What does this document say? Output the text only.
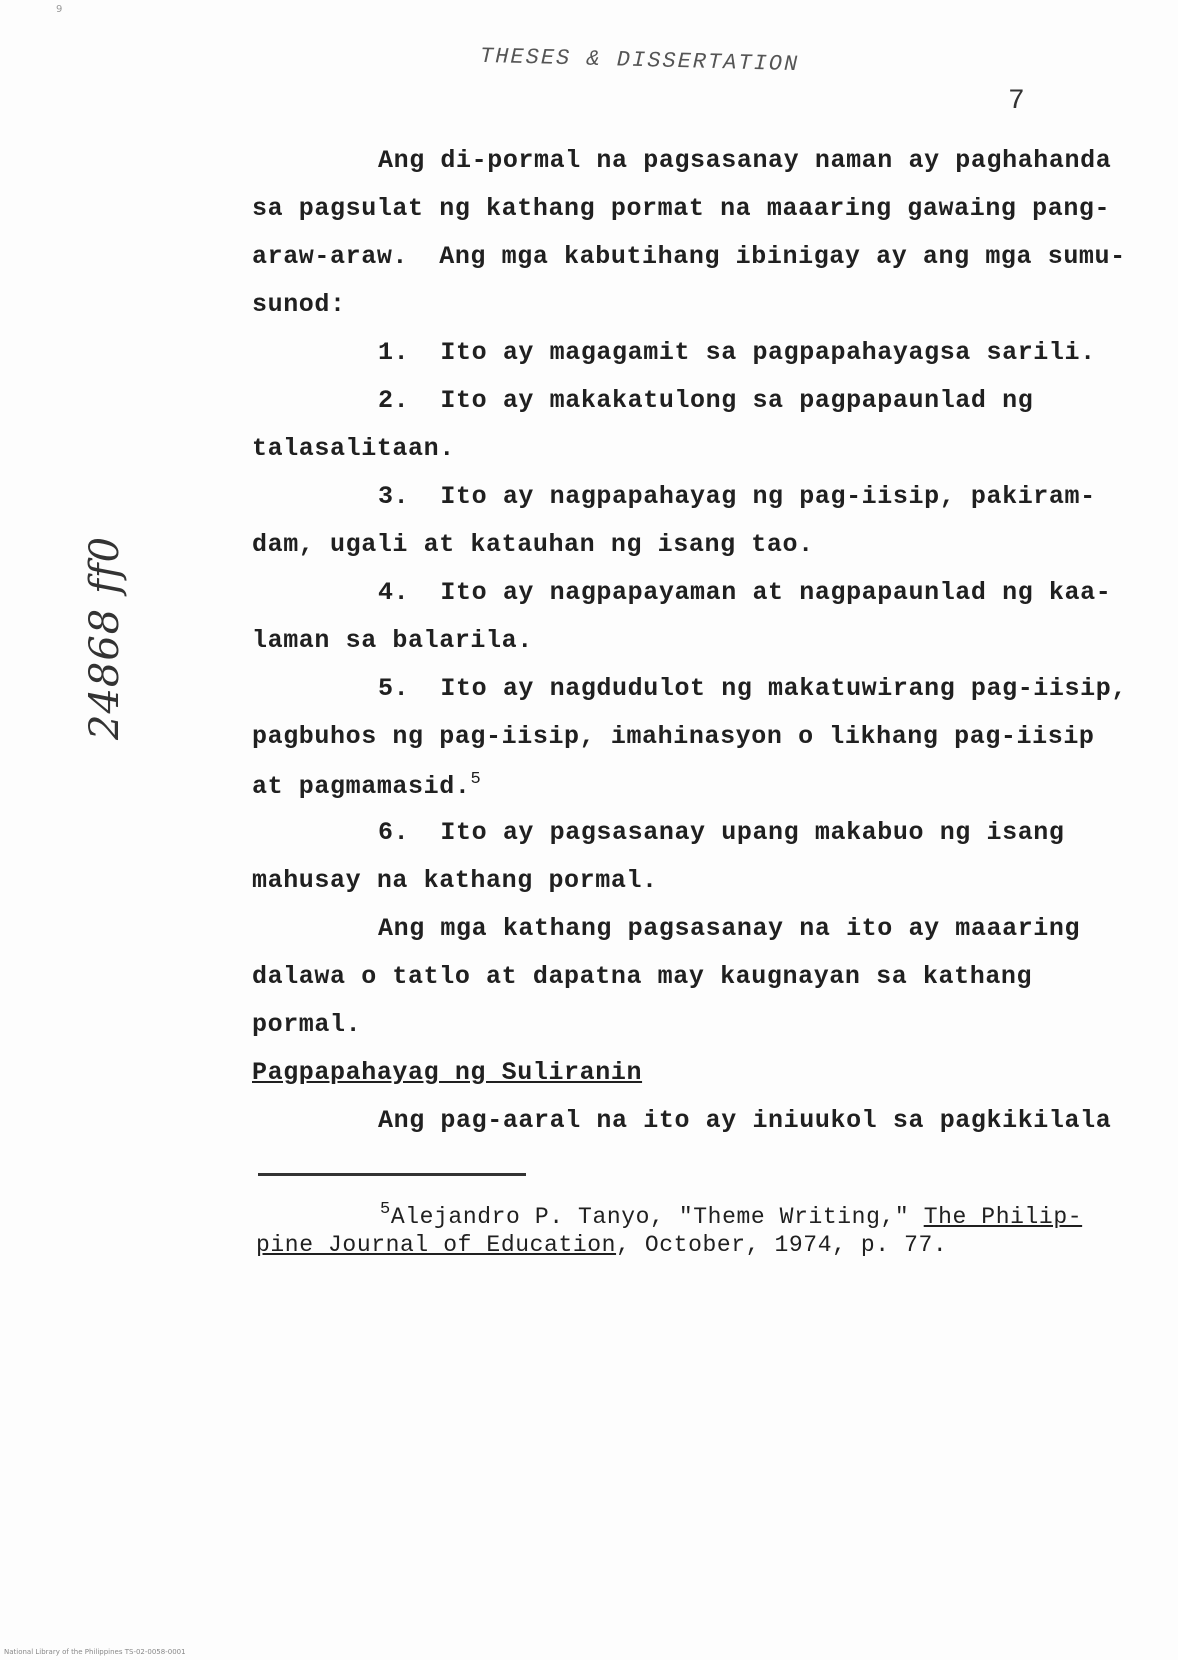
9
THESES & DISSERTATION
7
24868 ff0
Ang di-pormal na pagsasanay naman ay paghahanda
sa pagsulat ng kathang pormat na maaaring gawaing pang-
araw-araw.  Ang mga kabutihang ibinigay ay ang mga sumu-
sunod:
1.  Ito ay magagamit sa pagpapahayagsa sarili.
2.  Ito ay makakatulong sa pagpapaunlad ng
talasalitaan.
3.  Ito ay nagpapahayag ng pag-iisip, pakiram-
dam, ugali at katauhan ng isang tao.
4.  Ito ay nagpapayaman at nagpapaunlad ng kaa-
laman sa balarila.
5.  Ito ay nagdudulot ng makatuwirang pag-iisip,
pagbuhos ng pag-iisip, imahinasyon o likhang pag-iisip
at pagmamasid.$^5$
6.  Ito ay pagsasanay upang makabuo ng isang
mahusay na kathang pormal.
Ang mga kathang pagsasanay na ito ay maaaring
dalawa o tatlo at dapatna may kaugnayan sa kathang
pormal.
Pagpapahayag ng Suliranin
Ang pag-aaral na ito ay iniuukol sa pagkikilala
$^5$Alejandro P. Tanyo, "Theme Writing," The Philip-
pine Journal of Education, October, 1974, p. 77.
National Library of the Philippines TS-02-0058-0001
